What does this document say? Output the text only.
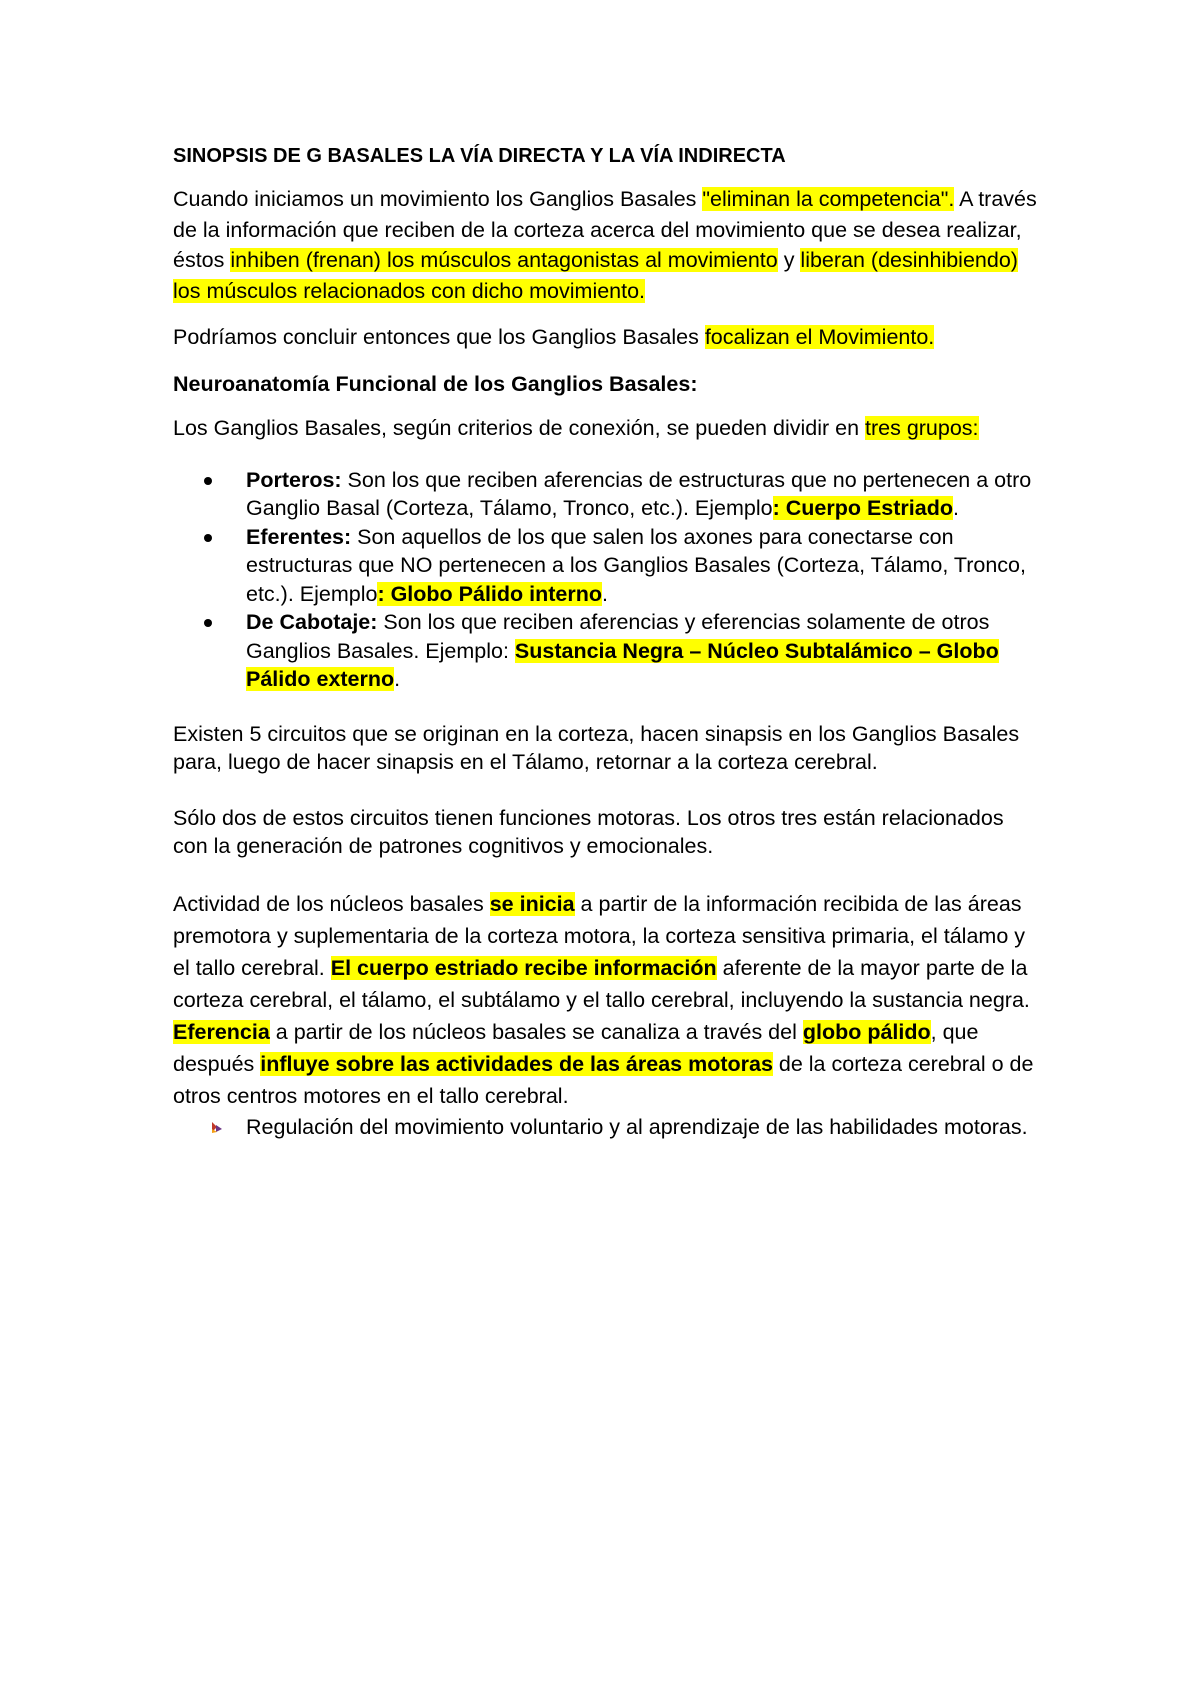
SINOPSIS DE G BASALES LA VÍA DIRECTA Y LA VÍA INDIRECTA

Cuando iniciamos un movimiento los Ganglios Basales "eliminan la competencia". A través de la información que reciben de la corteza acerca del movimiento que se desea realizar, éstos inhiben (frenan) los músculos antagonistas al movimiento y liberan (desinhibiendo) los músculos relacionados con dicho movimiento.

Podríamos concluir entonces que los Ganglios Basales focalizan el Movimiento.

Neuroanatomía Funcional de los Ganglios Basales:

Los Ganglios Basales, según criterios de conexión, se pueden dividir en tres grupos:

Porteros: Son los que reciben aferencias de estructuras que no pertenecen a otro Ganglio Basal (Corteza, Tálamo, Tronco, etc.). Ejemplo: Cuerpo Estriado.
Eferentes: Son aquellos de los que salen los axones para conectarse con estructuras que NO pertenecen a los Ganglios Basales (Corteza, Tálamo, Tronco, etc.). Ejemplo: Globo Pálido interno.
De Cabotaje: Son los que reciben aferencias y eferencias solamente de otros Ganglios Basales. Ejemplo: Sustancia Negra – Núcleo Subtalámico – Globo Pálido externo.

Existen 5 circuitos que se originan en la corteza, hacen sinapsis en los Ganglios Basales para, luego de hacer sinapsis en el Tálamo, retornar a la corteza cerebral.

Sólo dos de estos circuitos tienen funciones motoras. Los otros tres están relacionados con la generación de patrones cognitivos y emocionales.

Actividad de los núcleos basales se inicia a partir de la información recibida de las áreas premotora y suplementaria de la corteza motora, la corteza sensitiva primaria, el tálamo y el tallo cerebral. El cuerpo estriado recibe información aferente de la mayor parte de la corteza cerebral, el tálamo, el subtálamo y el tallo cerebral, incluyendo la sustancia negra.

Eferencia a partir de los núcleos basales se canaliza a través del globo pálido, que después influye sobre las actividades de las áreas motoras de la corteza cerebral o de otros centros motores en el tallo cerebral.

Regulación del movimiento voluntario y al aprendizaje de las habilidades motoras.
